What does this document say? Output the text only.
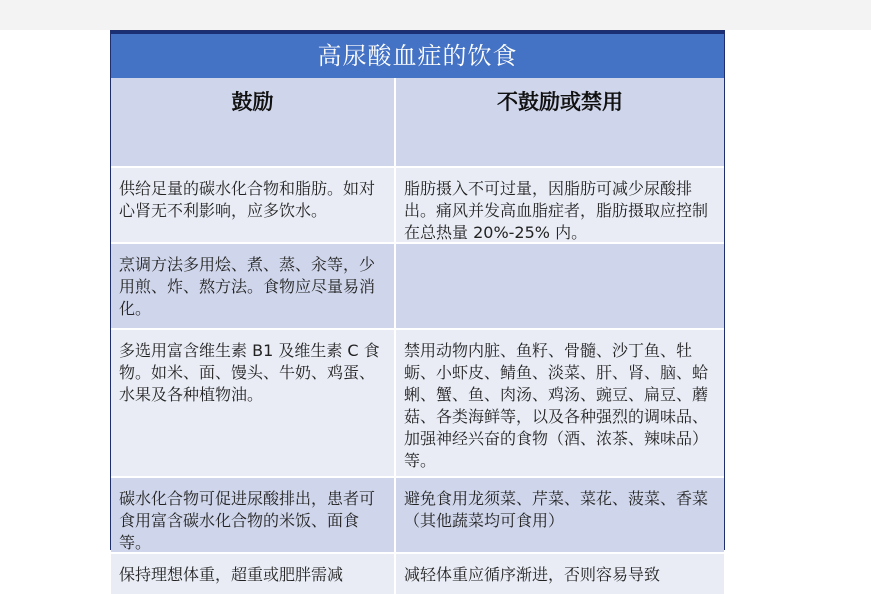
高尿酸血症的饮食
鼓励	不鼓励或禁用
供给足量的碳水化合物和脂肪。如对心肾无不利影响，应多饮水。
脂肪摄入不可过量，因脂肪可减少尿酸排出。痛风并发高血脂症者，脂肪摄取应控制在总热量 20%-25% 内。
烹调方法多用烩、煮、蒸、汆等，少用煎、炸、熬方法。食物应尽量易消化。
多选用富含维生素 B1 及维生素 C 食物。如米、面、馒头、牛奶、鸡蛋、水果及各种植物油。
禁用动物内脏、鱼籽、骨髓、沙丁鱼、牡蛎、小虾皮、鲭鱼、淡菜、肝、肾、脑、蛤蜊、蟹、鱼、肉汤、鸡汤、豌豆、扁豆、蘑菇、各类海鲜等，以及各种强烈的调味品、加强神经兴奋的食物（酒、浓茶、辣味品）等。
碳水化合物可促进尿酸排出，患者可食用富含碳水化合物的米饭、面食等。
避免食用龙须菜、芹菜、菜花、菠菜、香菜（其他蔬菜均可食用）
保持理想体重，超重或肥胖需减	减轻体重应循序渐进，否则容易导致
